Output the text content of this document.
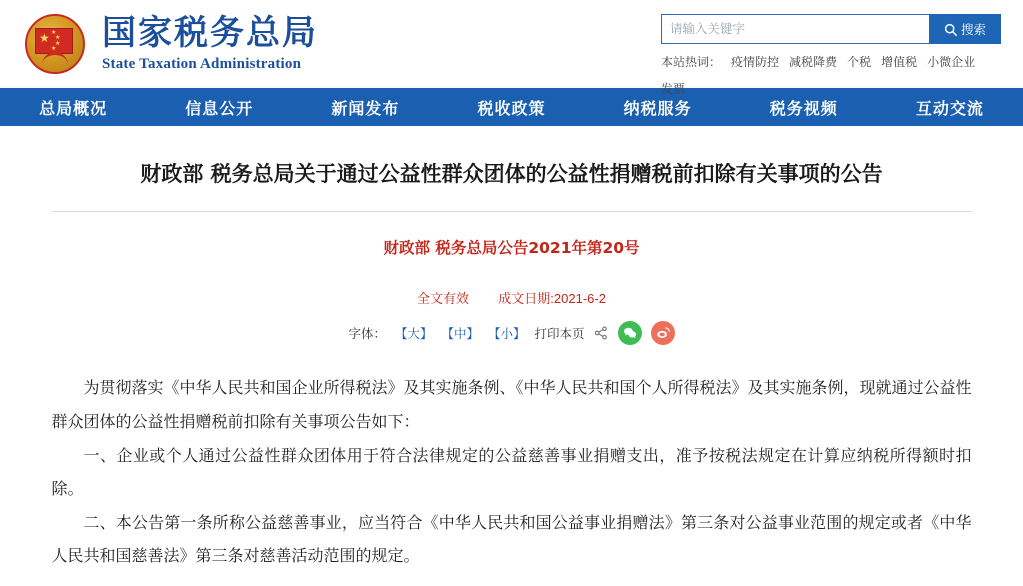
★ ★
★
★
★ 国家税务总局
State Taxation Administration
请输入关键字
搜索
本站热词： 疫情防控 减税降费 个税 增值税 小微企业
发票
总局概况	信息公开	新闻发布	税收政策	纳税服务	税务视频	互动交流
财政部 税务总局关于通过公益性群众团体的公益性捐赠税前扣除有关事项的公告
财政部 税务总局公告2021年第20号
全文有效 成文日期:2021-6-2
字体： 【大】 【中】 【小】 打印本页

为贯彻落实《中华人民共和国企业所得税法》及其实施条例、《中华人民共和国个人所得税法》及其实施条例，现就通过公益性群众团体的公益性捐赠税前扣除有关事项公告如下：

一、企业或个人通过公益性群众团体用于符合法律规定的公益慈善事业捐赠支出，准予按税法规定在计算应纳税所得额时扣除。

二、本公告第一条所称公益慈善事业，应当符合《中华人民共和国公益事业捐赠法》第三条对公益事业范围的规定或者《中华人民共和国慈善法》第三条对慈善活动范围的规定。
